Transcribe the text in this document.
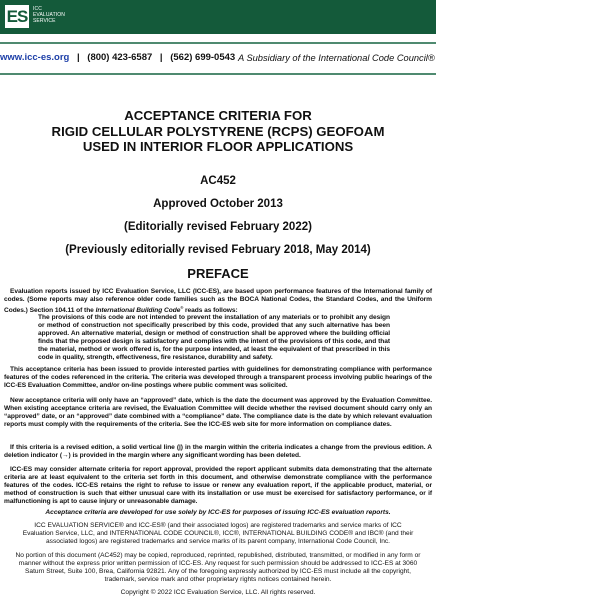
ES	ICC
EVALUATION
SERVICE
www.icc-es.org | (800) 423-6587 | (562) 699-0543 A Subsidiary of the International Code Council®
ACCEPTANCE CRITERIA FOR
RIGID CELLULAR POLYSTYRENE (RCPS) GEOFOAM
USED IN INTERIOR FLOOR APPLICATIONS
AC452
Approved October 2013
(Editorially revised February 2022)
(Previously editorially revised February 2018, May 2014)
PREFACE
Evaluation reports issued by ICC Evaluation Service, LLC (ICC-ES), are based upon performance features of the International family of codes. (Some reports may also reference older code families such as the BOCA National Codes, the Standard Codes, and the Uniform Codes.) Section 104.11 of the International Building Code® reads as follows:
The provisions of this code are not intended to prevent the installation of any materials or to prohibit any design or method of construction not specifically prescribed by this code, provided that any such alternative has been approved. An alternative material, design or method of construction shall be approved where the building official finds that the proposed design is satisfactory and complies with the intent of the provisions of this code, and that the material, method or work offered is, for the purpose intended, at least the equivalent of that prescribed in this code in quality, strength, effectiveness, fire resistance, durability and safety.
This acceptance criteria has been issued to provide interested parties with guidelines for demonstrating compliance with performance features of the codes referenced in the criteria. The criteria was developed through a transparent process involving public hearings of the ICC-ES Evaluation Committee, and/or on-line postings where public comment was solicited.
New acceptance criteria will only have an “approved” date, which is the date the document was approved by the Evaluation Committee. When existing acceptance criteria are revised, the Evaluation Committee will decide whether the revised document should carry only an “approved” date, or an “approved” date combined with a “compliance” date. The compliance date is the date by which relevant evaluation reports must comply with the requirements of the criteria. See the ICC-ES web site for more information on compliance dates.
If this criteria is a revised edition, a solid vertical line (|) in the margin within the criteria indicates a change from the previous edition. A deletion indicator (→) is provided in the margin where any significant wording has been deleted.
ICC-ES may consider alternate criteria for report approval, provided the report applicant submits data demonstrating that the alternate criteria are at least equivalent to the criteria set forth in this document, and otherwise demonstrate compliance with the performance features of the codes. ICC-ES retains the right to refuse to issue or renew any evaluation report, if the applicable product, material, or method of construction is such that either unusual care with its installation or use must be exercised for satisfactory performance, or if malfunctioning is apt to cause injury or unreasonable damage.
Acceptance criteria are developed for use solely by ICC-ES for purposes of issuing ICC-ES evaluation reports.
ICC EVALUATION SERVICE® and ICC-ES® (and their associated logos) are registered trademarks and service marks of ICC Evaluation Service, LLC, and INTERNATIONAL CODE COUNCIL®, ICC®, INTERNATIONAL BUILDING CODE® and IBC® (and their associated logos) are registered trademarks and service marks of its parent company, International Code Council, Inc.
No portion of this document (AC452) may be copied, reproduced, reprinted, republished, distributed, transmitted, or modified in any form or manner without the express prior written permission of ICC-ES. Any request for such permission should be addressed to ICC-ES at 3060 Saturn Street, Suite 100, Brea, California 92821. Any of the foregoing expressly authorized by ICC-ES must include all the copyright, trademark, service mark and other proprietary rights notices contained herein.
Copyright © 2022 ICC Evaluation Service, LLC. All rights reserved.
